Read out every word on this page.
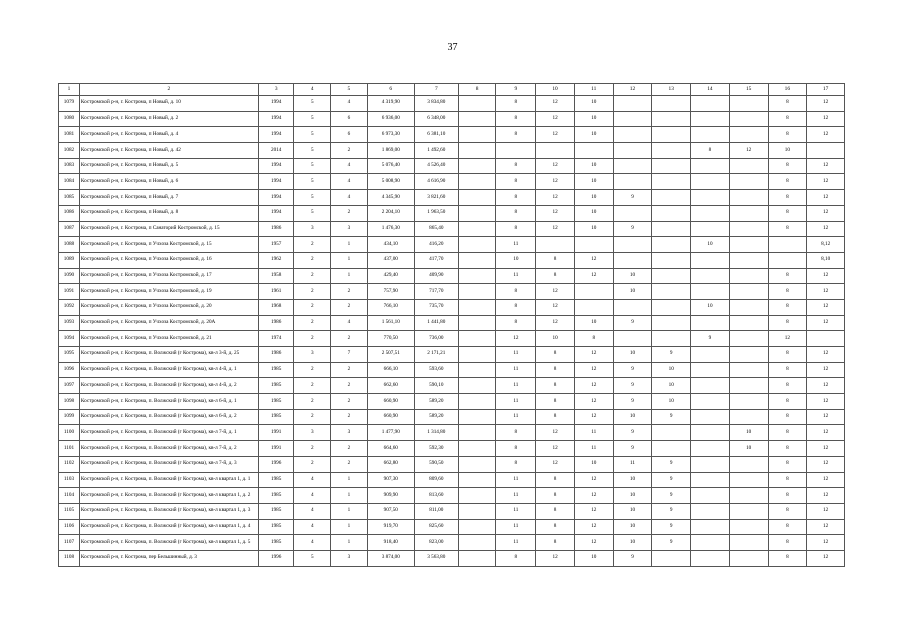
37
1	2	3	4	5	6	7	8	9	10	11	12	13	14	15	16	17
1079	Костромской р-н, г. Кострома, п Новый, д. 10	1994	5	4	4 319,90	3 834,80		8	12	10					8	12
1080	Костромской р-н, г. Кострома, п Новый, д. 2	1994	5	6	6 936,00	6 348,00		8	12	10					8	12
1081	Костромской р-н, г. Кострома, п Новый, д. 4	1994	5	6	6 973,30	6 381,10		8	12	10					8	12
1082	Костромской р-н, г. Кострома, п Новый, д. 42	2014	5	2	1 869,00	1 492,60							8	12	10	
1083	Костромской р-н, г. Кострома, п Новый, д. 5	1994	5	4	5 076,40	4 526,40		8	12	10					8	12
1084	Костромской р-н, г. Кострома, п Новый, д. 6	1994	5	4	5 008,90	4 616,90		8	12	10					8	12
1085	Костромской р-н, г. Кострома, п Новый, д. 7	1994	5	4	4 345,90	3 821,60		8	12	10	9				8	12
1086	Костромской р-н, г. Кострома, п Новый, д. 8	1994	5	2	2 204,10	1 963,50		8	12	10					8	12
1087	Костромской р-н, г. Кострома, п Санаторий Костромской, д. 15	1986	3	3	1 476,30	865,40		8	12	10	9				8	12
1088	Костромской р-н, г. Кострома, п Учхоза Костромской, д. 15	1957	2	1	434,10	416,20		11					10			8,12
1089	Костромской р-н, г. Кострома, п Учхоза Костромской, д. 16	1962	2	1	437,00	417,70		10	8	12						8,10
1090	Костромской р-н, г. Кострома, п Учхоза Костромской, д. 17	1958	2	1	429,40	409,90		11	8	12	10				8	12
1091	Костромской р-н, г. Кострома, п Учхоза Костромской, д. 19	1961	2	2	757,90	717,70		8	12		10				8	12
1092	Костромской р-н, г. Кострома, п Учхоза Костромской, д. 20	1968	2	2	766,10	735,70		8	12				10		8	12
1093	Костромской р-н, г. Кострома, п Учхоза Костромской, д. 20А	1986	2	4	1 561,10	1 441,80		8	12	10	9				8	12
1094	Костромской р-н, г. Кострома, п Учхоза Костромской, д. 21	1974	2	2	770,50	736,00		12	10	8			9		12	
1095	Костромской р-н, г. Кострома, п. Волжский (г Кострома), кв-л 3-й, д. 25	1986	3	7	2 507,51	2 171,21		11	8	12	10	9			8	12
1096	Костромской р-н, г. Кострома, п. Волжский (г Кострома), кв-л 4-й, д. 1	1985	2	2	666,10	593,60		11	8	12	9	10			8	12
1097	Костромской р-н, г. Кострома, п. Волжский (г Кострома), кв-л 4-й, д. 2	1985	2	2	662,60	590,10		11	8	12	9	10			8	12
1098	Костромской р-н, г. Кострома, п. Волжский (г Кострома), кв-л 6-й, д. 1	1985	2	2	660,90	589,20		11	8	12	9	10			8	12
1099	Костромской р-н, г. Кострома, п. Волжский (г Кострома), кв-л 6-й, д. 2	1985	2	2	660,90	589,20		11	8	12	10	9			8	12
1100	Костромской р-н, г. Кострома, п. Волжский (г Кострома), кв-л 7-й, д. 1	1991	3	3	1 477,90	1 314,80		8	12	11	9			10	8	12
1101	Костромской р-н, г. Кострома, п. Волжский (г Кострома), кв-л 7-й, д. 2	1991	2	2	664,60	592,30		8	12	11	9			10	8	12
1102	Костромской р-н, г. Кострома, п. Волжский (г Кострома), кв-л 7-й, д. 3	1996	2	2	662,80	590,50		8	12	10	11	9			8	12
1103	Костромской р-н, г. Кострома, п. Волжский (г Кострома), кв-л квартал 1, д. 1	1985	4	1	907,30	809,60		11	8	12	10	9			8	12
1104	Костромской р-н, г. Кострома, п. Волжский (г Кострома), кв-л квартал 1, д. 2	1985	4	1	909,90	813,60		11	8	12	10	9			8	12
1105	Костромской р-н, г. Кострома, п. Волжский (г Кострома), кв-л квартал 1, д. 3	1985	4	1	907,50	811,00		11	8	12	10	9			8	12
1106	Костромской р-н, г. Кострома, п. Волжский (г Кострома), кв-л квартал 1, д. 4	1985	4	1	919,70	825,60		11	8	12	10	9			8	12
1107	Костромской р-н, г. Кострома, п. Волжский (г Кострома), кв-л квартал 1, д. 5	1985	4	1	918,40	823,00		11	8	12	10	9			8	12
1108	Костромской р-н, г. Кострома, пер Бельшинный, д. 3	1996	5	3	3 874,00	3 563,80		8	12	10	9				8	12
